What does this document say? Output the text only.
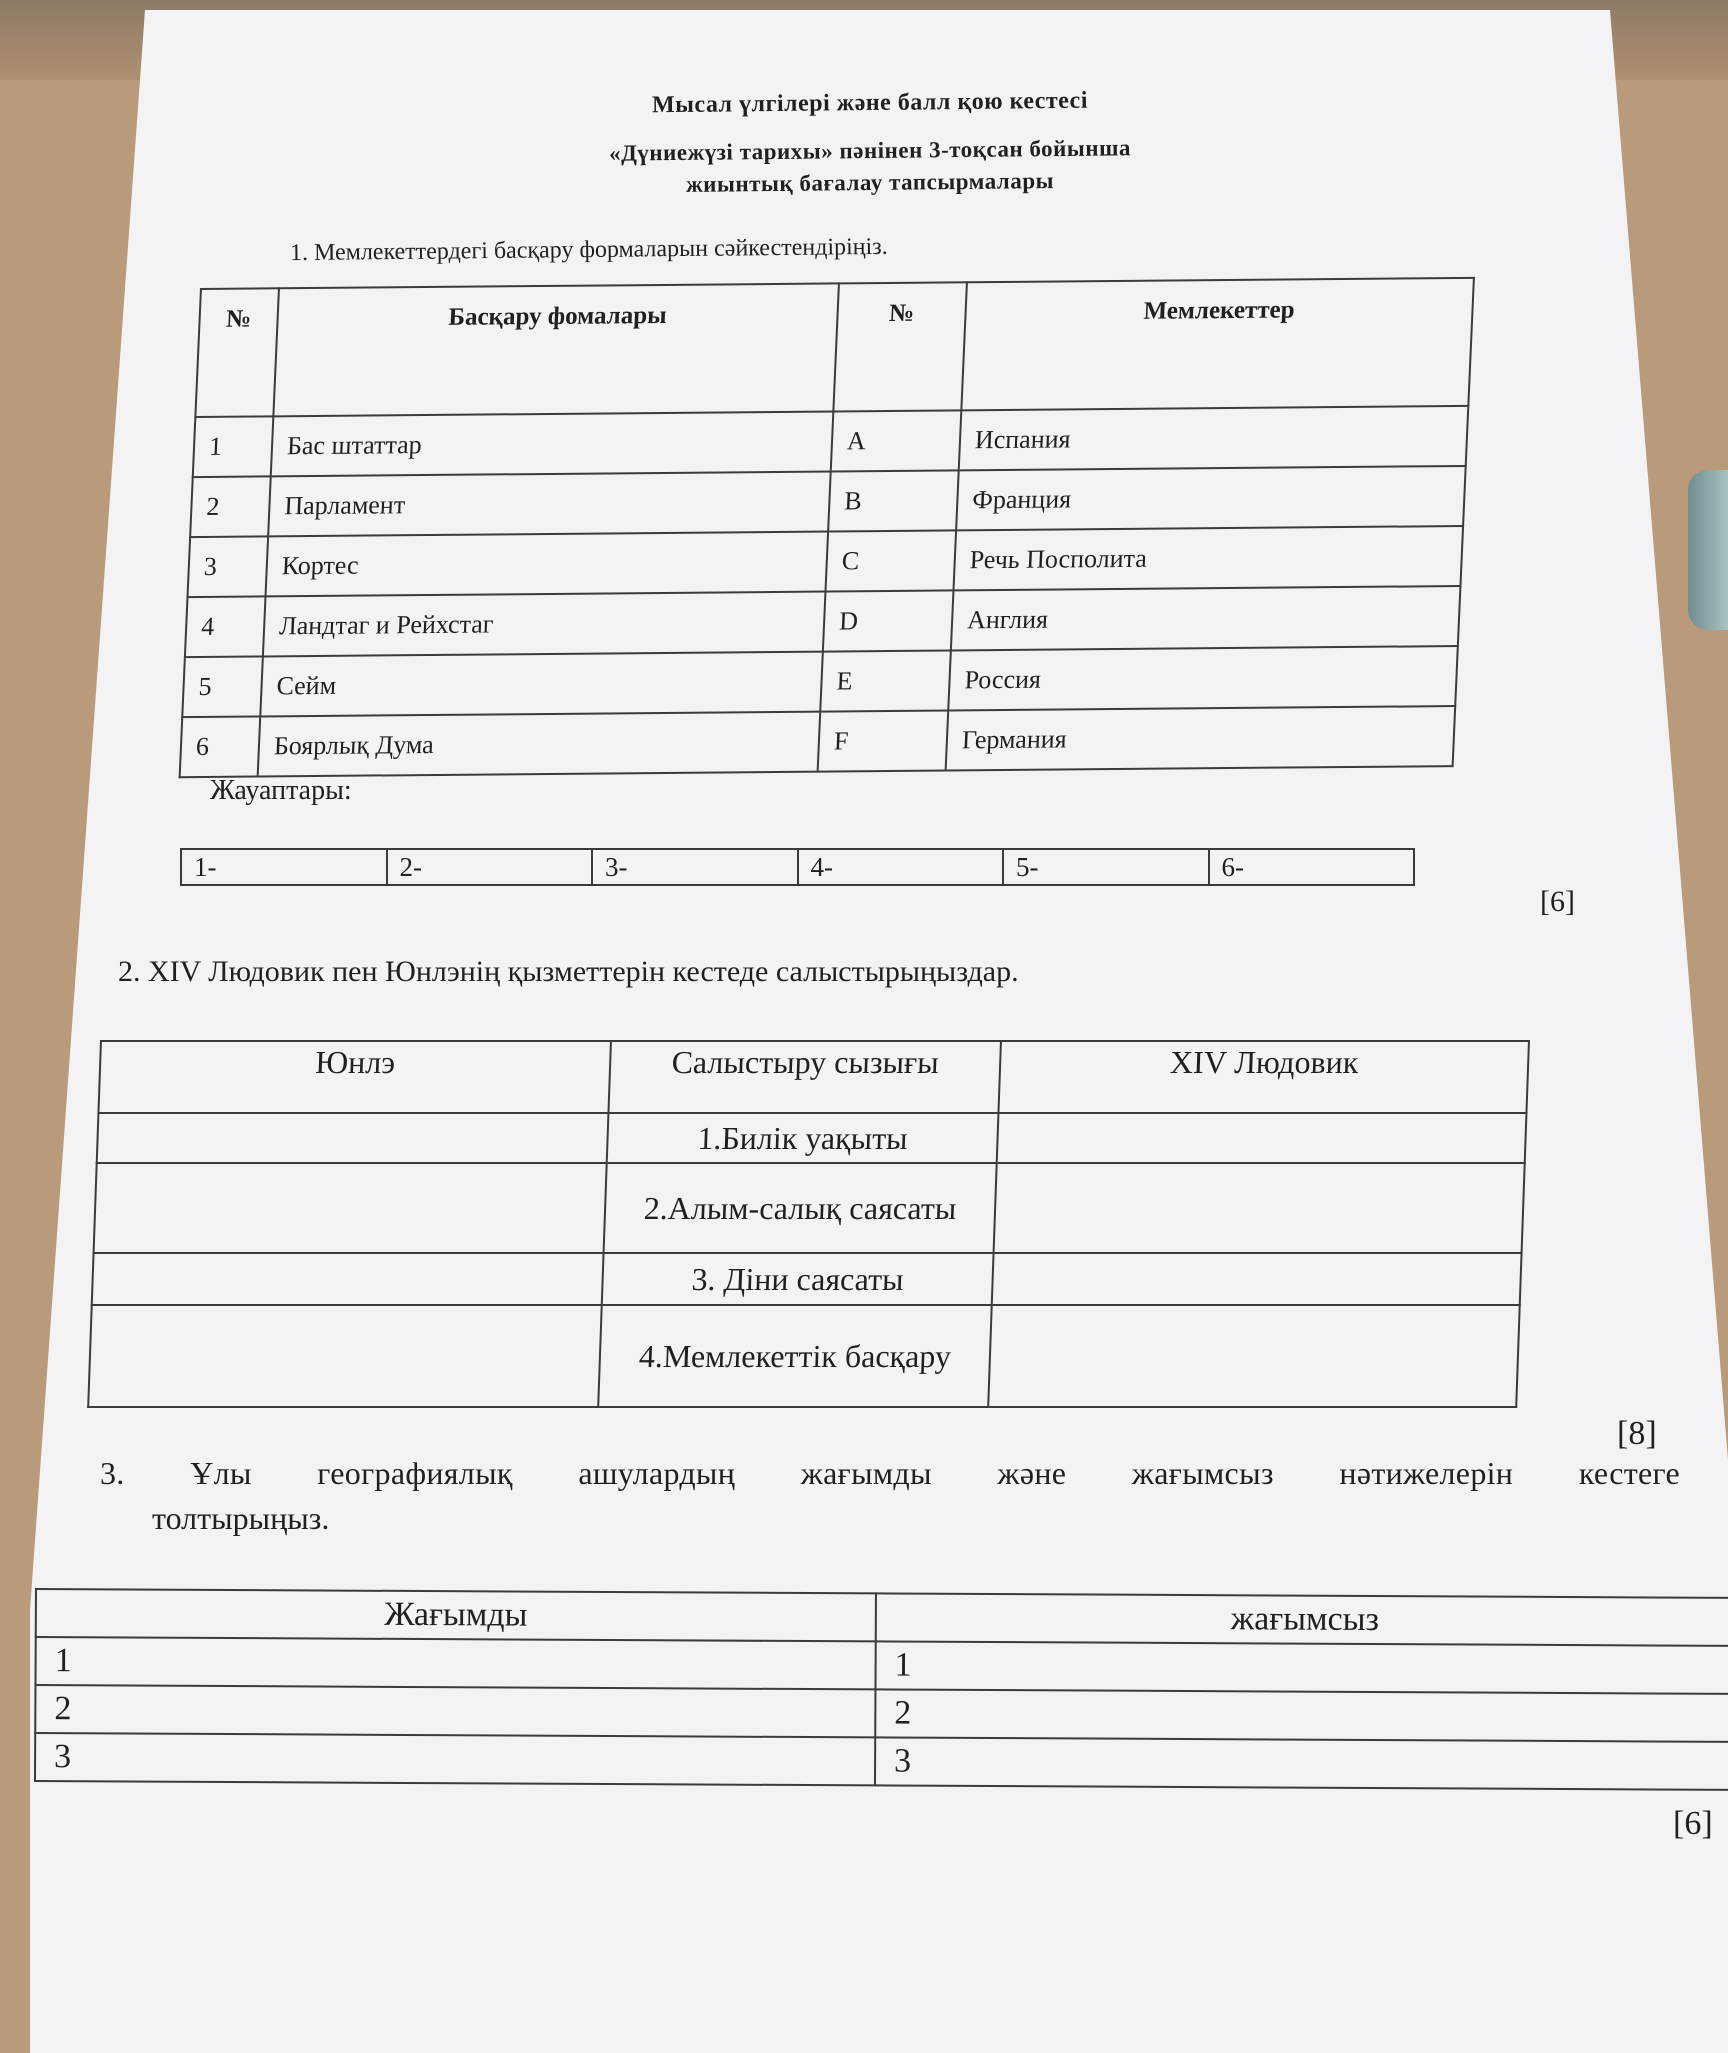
Мысал үлгілері және балл қою кестесі
«Дүниежүзі тарихы» пәнінен 3-тоқсан бойынша
жиынтық бағалау тапсырмалары
1. Мемлекеттердегі басқару формаларын сәйкестендіріңіз.
№	Басқару фомалары	№	Мемлекеттер
1	Бас штаттар	A	Испания
2	Парламент	B	Франция
3	Кортес	C	Речь Посполита
4	Ландтаг и Рейхстаг	D	Англия
5	Сейм	E	Россия
6	Боярлық Дума	F	Германия
Жауаптары:
1-	2-	3-	4-	5-	6-
[6]
2. XIV Людовик пен Юнлэнің қызметтерін кестеде салыстырыңыздар.
Юнлэ	Салыстыру сызығы	XIV Людовик
	1.Билік уақыты	
	2.Алым-салық саясаты	
	3. Діни саясаты	
	4.Мемлекеттік басқару	
[8]
3. Ұлы географиялық ашулардың жағымды және жағымсыз нәтижелерін кестеге
толтырыңыз.
Жағымды	жағымсыз
1	1
2	2
3	3
[6]
